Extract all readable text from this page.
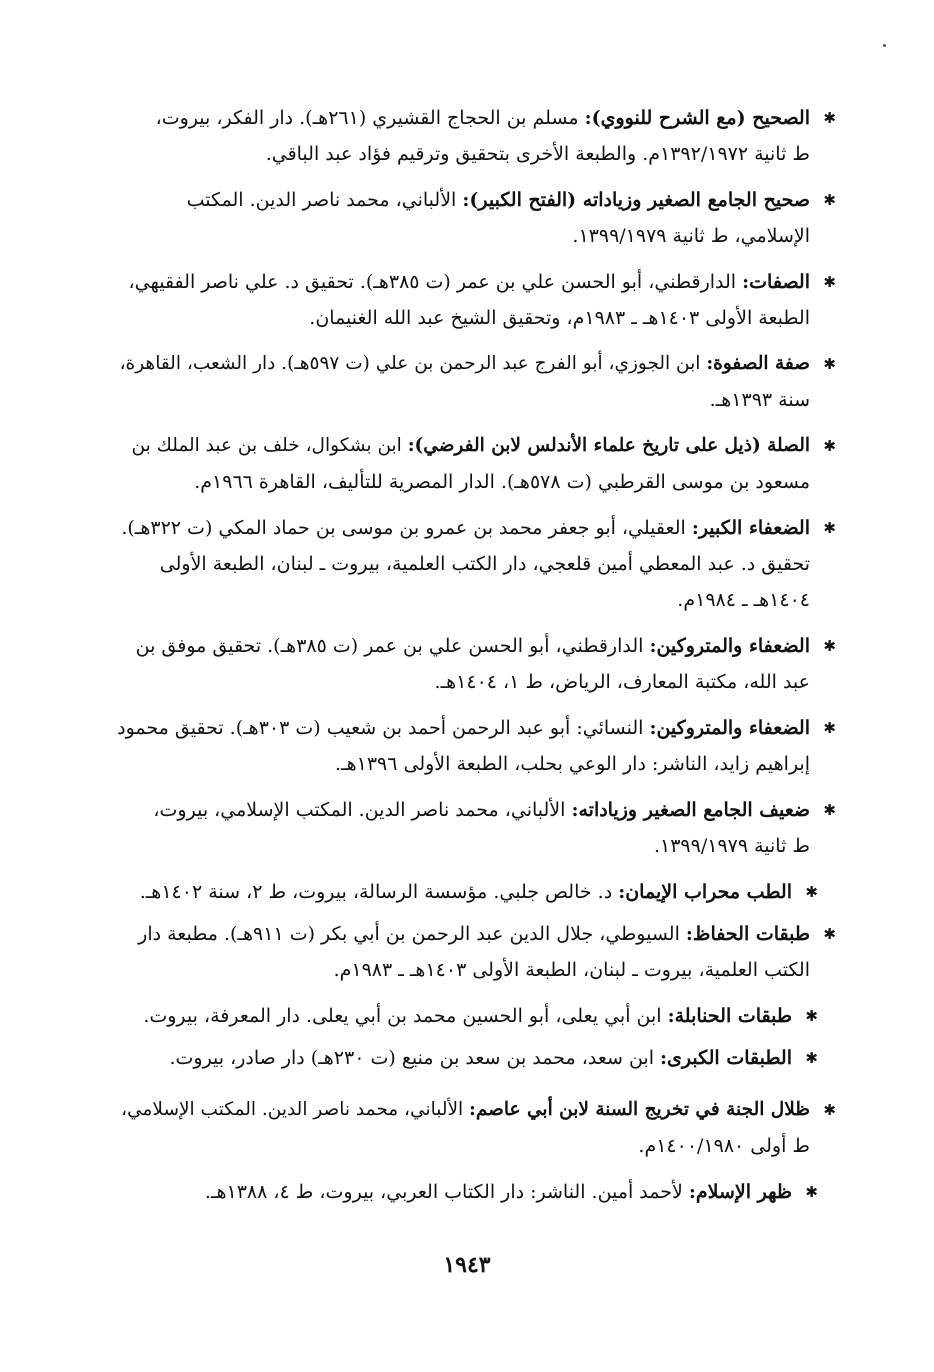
✱
الصحيح (مع الشرح للنووي): مسلم بن الحجاج القشيري (٢٦١هـ). دار الفكر، بيروت،
ط ثانية ١٣٩٢/١٩٧٢م. والطبعة الأخرى بتحقيق وترقيم فؤاد عبد الباقي.
✱
صحيح الجامع الصغير وزياداته (الفتح الكبير): الألباني، محمد ناصر الدين. المكتب
الإسلامي، ط ثانية ١٣٩٩/١٩٧٩.
✱
الصفات: الدارقطني، أبو الحسن علي بن عمر (ت ٣٨٥هـ). تحقيق د. علي ناصر الفقيهي،
الطبعة الأولى ١٤٠٣هـ ـ ١٩٨٣م، وتحقيق الشيخ عبد الله الغنيمان.
✱
صفة الصفوة: ابن الجوزي، أبو الفرج عبد الرحمن بن علي (ت ٥٩٧هـ). دار الشعب، القاهرة،
سنة ١٣٩٣هـ.
✱
الصلة (ذيل على تاريخ علماء الأندلس لابن الفرضي): ابن بشكوال، خلف بن عبد الملك بن
مسعود بن موسى القرطبي (ت ٥٧٨هـ). الدار المصرية للتأليف، القاهرة ١٩٦٦م.
✱
الضعفاء الكبير: العقيلي، أبو جعفر محمد بن عمرو بن موسى بن حماد المكي (ت ٣٢٢هـ).
تحقيق د. عبد المعطي أمين قلعجي، دار الكتب العلمية، بيروت ـ لبنان، الطبعة الأولى
١٤٠٤هـ ـ ١٩٨٤م.
✱
الضعفاء والمتروكين: الدارقطني، أبو الحسن علي بن عمر (ت ٣٨٥هـ). تحقيق موفق بن
عبد الله، مكتبة المعارف، الرياض، ط ١، ١٤٠٤هـ.
✱
الضعفاء والمتروكين: النسائي: أبو عبد الرحمن أحمد بن شعيب (ت ٣٠٣هـ). تحقيق محمود
إبراهيم زايد، الناشر: دار الوعي بحلب، الطبعة الأولى ١٣٩٦هـ.
✱
ضعيف الجامع الصغير وزياداته: الألباني، محمد ناصر الدين. المكتب الإسلامي، بيروت،
ط ثانية ١٣٩٩/١٩٧٩.
✱
الطب محراب الإيمان: د. خالص جلبي. مؤسسة الرسالة، بيروت، ط ٢، سنة ١٤٠٢هـ.
✱
طبقات الحفاظ: السيوطي، جلال الدين عبد الرحمن بن أبي بكر (ت ٩١١هـ). مطبعة دار
الكتب العلمية، بيروت ـ لبنان، الطبعة الأولى ١٤٠٣هـ ـ ١٩٨٣م.
✱
طبقات الحنابلة: ابن أبي يعلى، أبو الحسين محمد بن أبي يعلى. دار المعرفة، بيروت.
✱
الطبقات الكبرى: ابن سعد، محمد بن سعد بن منيع (ت ٢٣٠هـ) دار صادر، بيروت.
✱
ظلال الجنة في تخريج السنة لابن أبي عاصم: الألباني، محمد ناصر الدين. المكتب الإسلامي،
ط أولى ١٤٠٠/١٩٨٠م.
✱
ظهر الإسلام: لأحمد أمين. الناشر: دار الكتاب العربي، بيروت، ط ٤، ١٣٨٨هـ.
١٩٤٣
